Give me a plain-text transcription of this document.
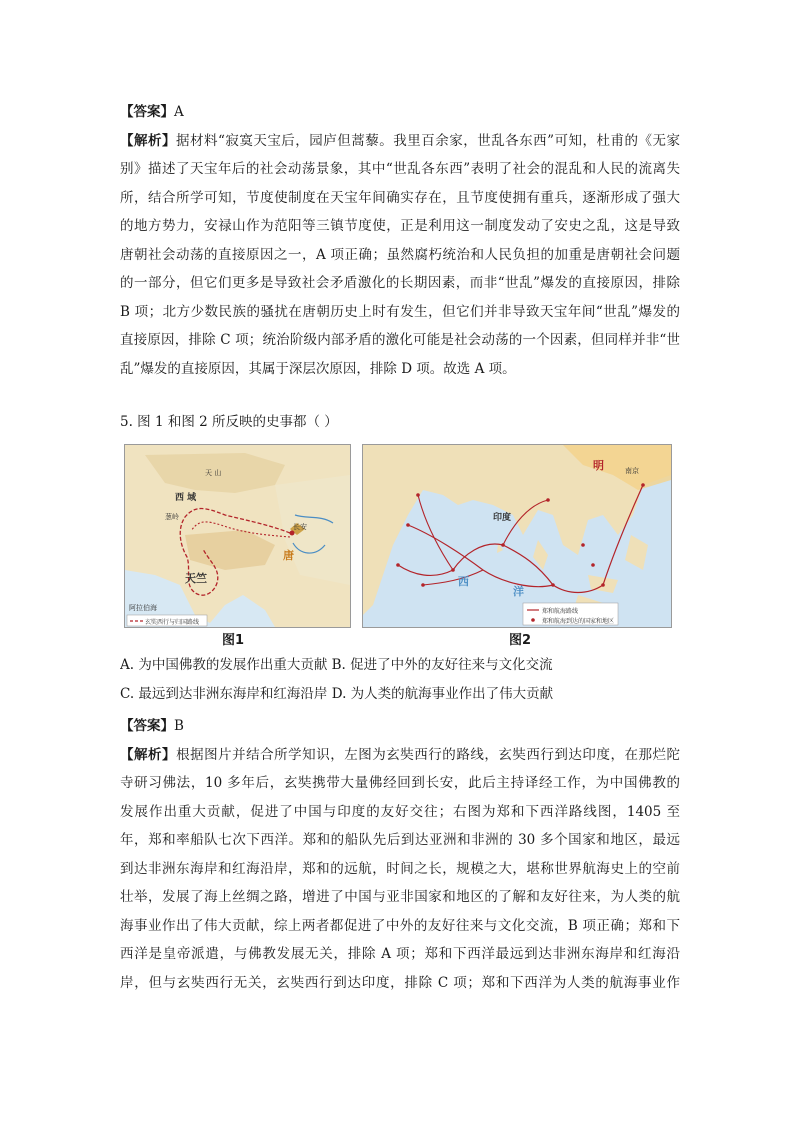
【答案】A
【解析】据材料“寂寞天宝后，园庐但蒿藜。我里百余家，世乱各东西”可知，杜甫的《无家
别》描述了天宝年后的社会动荡景象，其中“世乱各东西”表明了社会的混乱和人民的流离失
所，结合所学可知，节度使制度在天宝年间确实存在，且节度使拥有重兵，逐渐形成了强大
的地方势力，安禄山作为范阳等三镇节度使，正是利用这一制度发动了安史之乱，这是导致
唐朝社会动荡的直接原因之一，A 项正确；虽然腐朽统治和人民负担的加重是唐朝社会问题
的一部分，但它们更多是导致社会矛盾激化的长期因素，而非“世乱”爆发的直接原因，排除
B 项；北方少数民族的骚扰在唐朝历史上时有发生，但它们并非导致天宝年间“世乱”爆发的
直接原因，排除 C 项；统治阶级内部矛盾的激化可能是社会动荡的一个因素，但同样并非“世
乱”爆发的直接原因，其属于深层次原因，排除 D 项。故选 A 项。
5. 图 1 和图 2 所反映的史事都（ ）
天 山
西 域
葱岭
天竺
唐
长安
阿拉伯海
玄奘西行与归国路线
明	南京
印度
西
洋
郑和航海路线
郑和航海到达的国家和地区
图1	图2
A. 为中国佛教的发展作出重大贡献 B. 促进了中外的友好往来与文化交流
C. 最远到达非洲东海岸和红海沿岸 D. 为人类的航海事业作出了伟大贡献
【答案】B
【解析】根据图片并结合所学知识，左图为玄奘西行的路线，玄奘西行到达印度，在那烂陀
寺研习佛法，10 多年后，玄奘携带大量佛经回到长安，此后主持译经工作，为中国佛教的
发展作出重大贡献，促进了中国与印度的友好交往；右图为郑和下西洋路线图，1405 至
年，郑和率船队七次下西洋。郑和的船队先后到达亚洲和非洲的 30 多个国家和地区，最远
到达非洲东海岸和红海沿岸，郑和的远航，时间之长，规模之大，堪称世界航海史上的空前
壮举，发展了海上丝绸之路，增进了中国与亚非国家和地区的了解和友好往来，为人类的航
海事业作出了伟大贡献，综上两者都促进了中外的友好往来与文化交流，B 项正确；郑和下
西洋是皇帝派遣，与佛教发展无关，排除 A 项；郑和下西洋最远到达非洲东海岸和红海沿
岸，但与玄奘西行无关，玄奘西行到达印度，排除 C 项；郑和下西洋为人类的航海事业作
